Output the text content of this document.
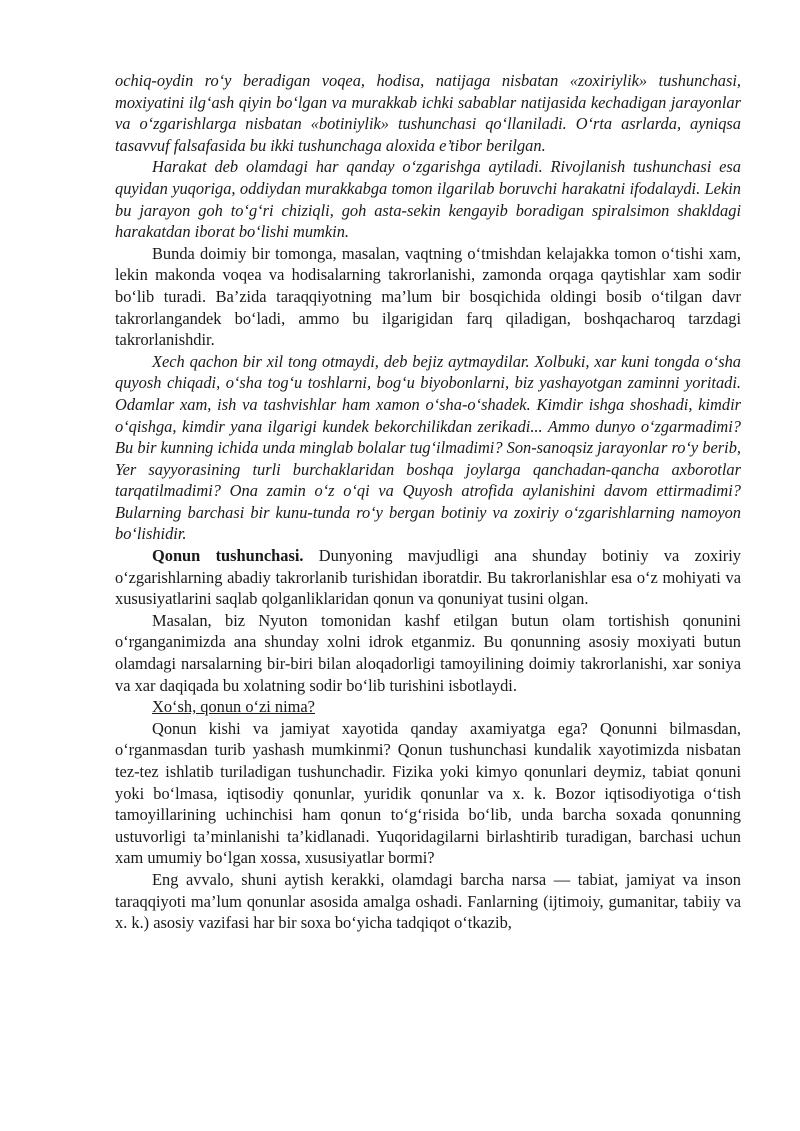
ochiq-oydin ro‘y beradigan voqea, hodisa, natijaga nisbatan «zoxiriylik» tushunchasi, moxiyatini ilg‘ash qiyin bo‘lgan va murakkab ichki sabablar natijasida kechadigan jarayonlar va o‘zgarishlarga nisbatan «botiniylik» tushunchasi qo‘llaniladi. O‘rta asrlarda, ayniqsa tasavvuf falsafasida bu ikki tushunchaga aloxida e’tibor berilgan.

Harakat deb olamdagi har qanday o‘zgarishga aytiladi. Rivojlanish tushunchasi esa quyidan yuqoriga, oddiydan murakkabga tomon ilgarilab boruvchi harakatni ifodalaydi. Lekin bu jarayon goh to‘g‘ri chiziqli, goh asta-sekin kengayib boradigan spiralsimon shakldagi harakatdan iborat bo‘lishi mumkin.

Bunda doimiy bir tomonga, masalan, vaqtning o‘tmishdan kelajakka tomon o‘tishi xam, lekin makonda voqea va hodisalarning takrorlanishi, zamonda orqaga qaytishlar xam sodir bo‘lib turadi. Ba’zida taraqqiyotning ma’lum bir bosqichida oldingi bosib o‘tilgan davr takrorlangandek bo‘ladi, ammo bu ilgarigidan farq qiladigan, boshqacharoq tarzdagi takrorlanishdir.

Xech qachon bir xil tong otmaydi, deb bejiz aytmaydilar. Xolbuki, xar kuni tongda o‘sha quyosh chiqadi, o‘sha tog‘u toshlarni, bog‘u biyobonlarni, biz yashayotgan zaminni yoritadi. Odamlar xam, ish va tashvishlar ham xamon o‘sha-o‘shadek. Kimdir ishga shoshadi, kimdir o‘qishga, kimdir yana ilgarigi kundek bekorchilikdan zerikadi... Ammo dunyo o‘zgarmadimi? Bu bir kunning ichida unda minglab bolalar tug‘ilmadimi? Son-sanoqsiz jarayonlar ro‘y berib, Yer sayyorasining turli burchaklaridan boshqa joylarga qanchadan-qancha axborotlar tarqatilmadimi? Ona zamin o‘z o‘qi va Quyosh atrofida aylanishini davom ettirmadimi? Bularning barchasi bir kunu-tunda ro‘y bergan botiniy va zoxiriy o‘zgarishlarning namoyon bo‘lishidir.

Qonun tushunchasi. Dunyoning mavjudligi ana shunday botiniy va zoxiriy o‘zgarishlarning abadiy takrorlanib turishidan iboratdir. Bu takrorlanishlar esa o‘z mohiyati va xususiyatlarini saqlab qolganliklaridan qonun va qonuniyat tusini olgan.

Masalan, biz Nyuton tomonidan kashf etilgan butun olam tortishish qonunini o‘rganganimizda ana shunday xolni idrok etganmiz. Bu qonunning asosiy moxiyati butun olamdagi narsalarning bir-biri bilan aloqadorligi tamoyilining doimiy takrorlanishi, xar soniya va xar daqiqada bu xolatning sodir bo‘lib turishini isbotlaydi.

Xo‘sh, qonun o‘zi nima?

Qonun kishi va jamiyat xayotida qanday axamiyatga ega? Qonunni bilmasdan, o‘rganmasdan turib yashash mumkinmi? Qonun tushunchasi kundalik xayotimizda nisbatan tez-tez ishlatib turiladigan tushunchadir. Fizika yoki kimyo qonunlari deymiz, tabiat qonuni yoki bo‘lmasa, iqtisodiy qonunlar, yuridik qonunlar va x. k. Bozor iqtisodiyotiga o‘tish tamoyillarining uchinchisi ham qonun to‘g‘risida bo‘lib, unda barcha soxada qonunning ustuvorligi ta’minlanishi ta’kidlanadi. Yuqoridagilarni birlashtirib turadigan, barchasi uchun xam umumiy bo‘lgan xossa, xususiyatlar bormi?

Eng avvalo, shuni aytish kerakki, olamdagi barcha narsa — tabiat, jamiyat va inson taraqqiyoti ma’lum qonunlar asosida amalga oshadi. Fanlarning (ijtimoiy, gumanitar, tabiiy va x. k.) asosiy vazifasi har bir soxa bo‘yicha tadqiqot o‘tkazib,
